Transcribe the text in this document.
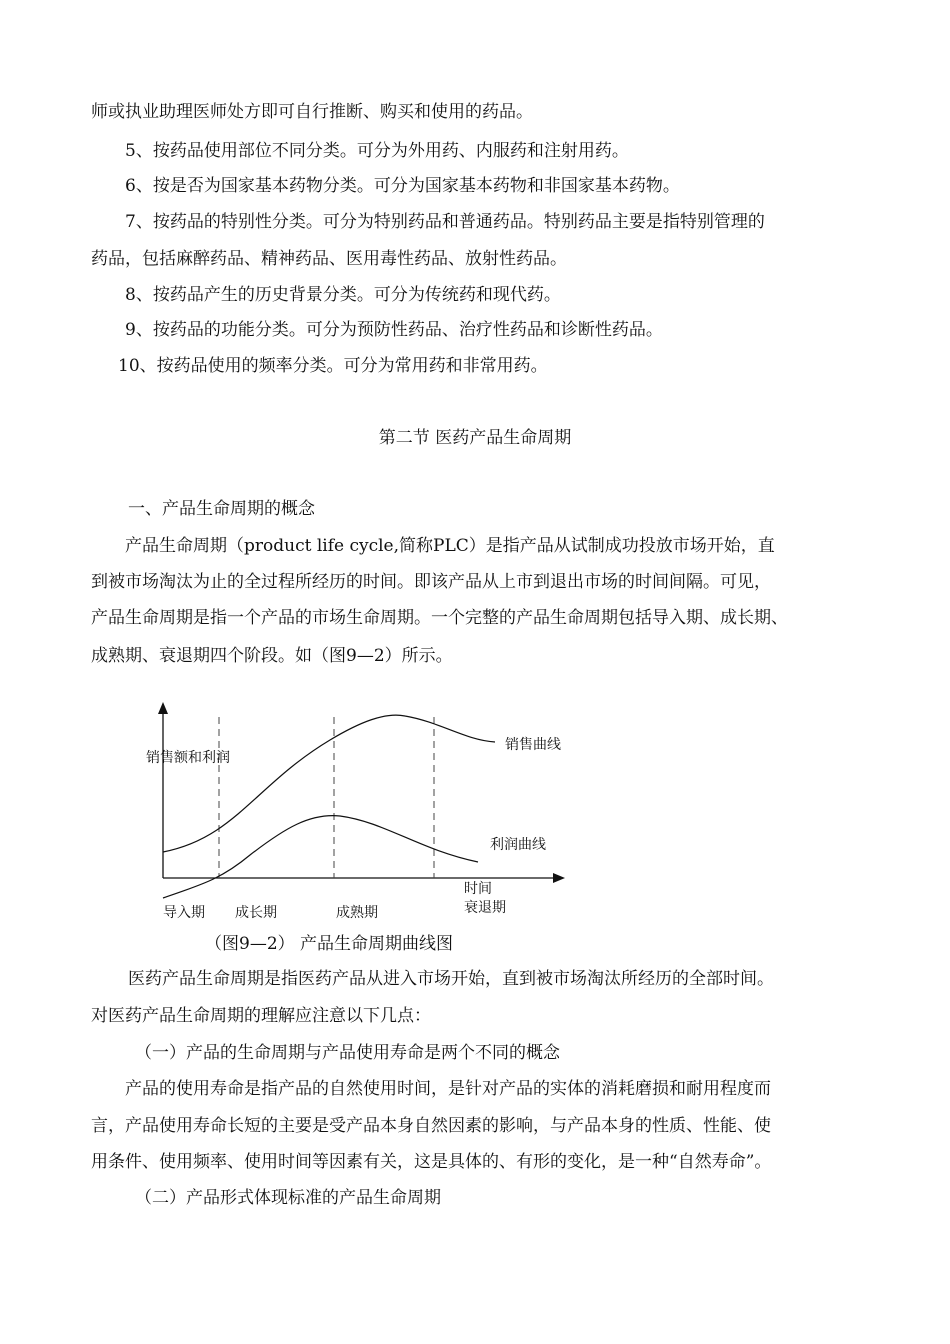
师或执业助理医师处方即可自行推断、购买和使用的药品。
5、按药品使用部位不同分类。可分为外用药、内服药和注射用药。
6、按是否为国家基本药物分类。可分为国家基本药物和非国家基本药物。
7、按药品的特别性分类。可分为特别药品和普通药品。特别药品主要是指特别管理的
药品，包括麻醉药品、精神药品、医用毒性药品、放射性药品。
8、按药品产生的历史背景分类。可分为传统药和现代药。
9、按药品的功能分类。可分为预防性药品、治疗性药品和诊断性药品。
10、按药品使用的频率分类。可分为常用药和非常用药。
第二节 医药产品生命周期
一、产品生命周期的概念
产品生命周期（product life cycle,简称PLC）是指产品从试制成功投放市场开始，直
到被市场淘汰为止的全过程所经历的时间。即该产品从上市到退出市场的时间间隔。可见，
产品生命周期是指一个产品的市场生命周期。一个完整的产品生命周期包括导入期、成长期、
成熟期、衰退期四个阶段。如（图9—2）所示。
销售额和利润
销售曲线
利润曲线
时间
导入期 成长期	成熟期	衰退期
（图9—2） 产品生命周期曲线图
医药产品生命周期是指医药产品从进入市场开始，直到被市场淘汰所经历的全部时间。
对医药产品生命周期的理解应注意以下几点：
（一）产品的生命周期与产品使用寿命是两个不同的概念
产品的使用寿命是指产品的自然使用时间，是针对产品的实体的消耗磨损和耐用程度而
言，产品使用寿命长短的主要是受产品本身自然因素的影响，与产品本身的性质、性能、使
用条件、使用频率、使用时间等因素有关，这是具体的、有形的变化，是一种“自然寿命”。
（二）产品形式体现标准的产品生命周期
